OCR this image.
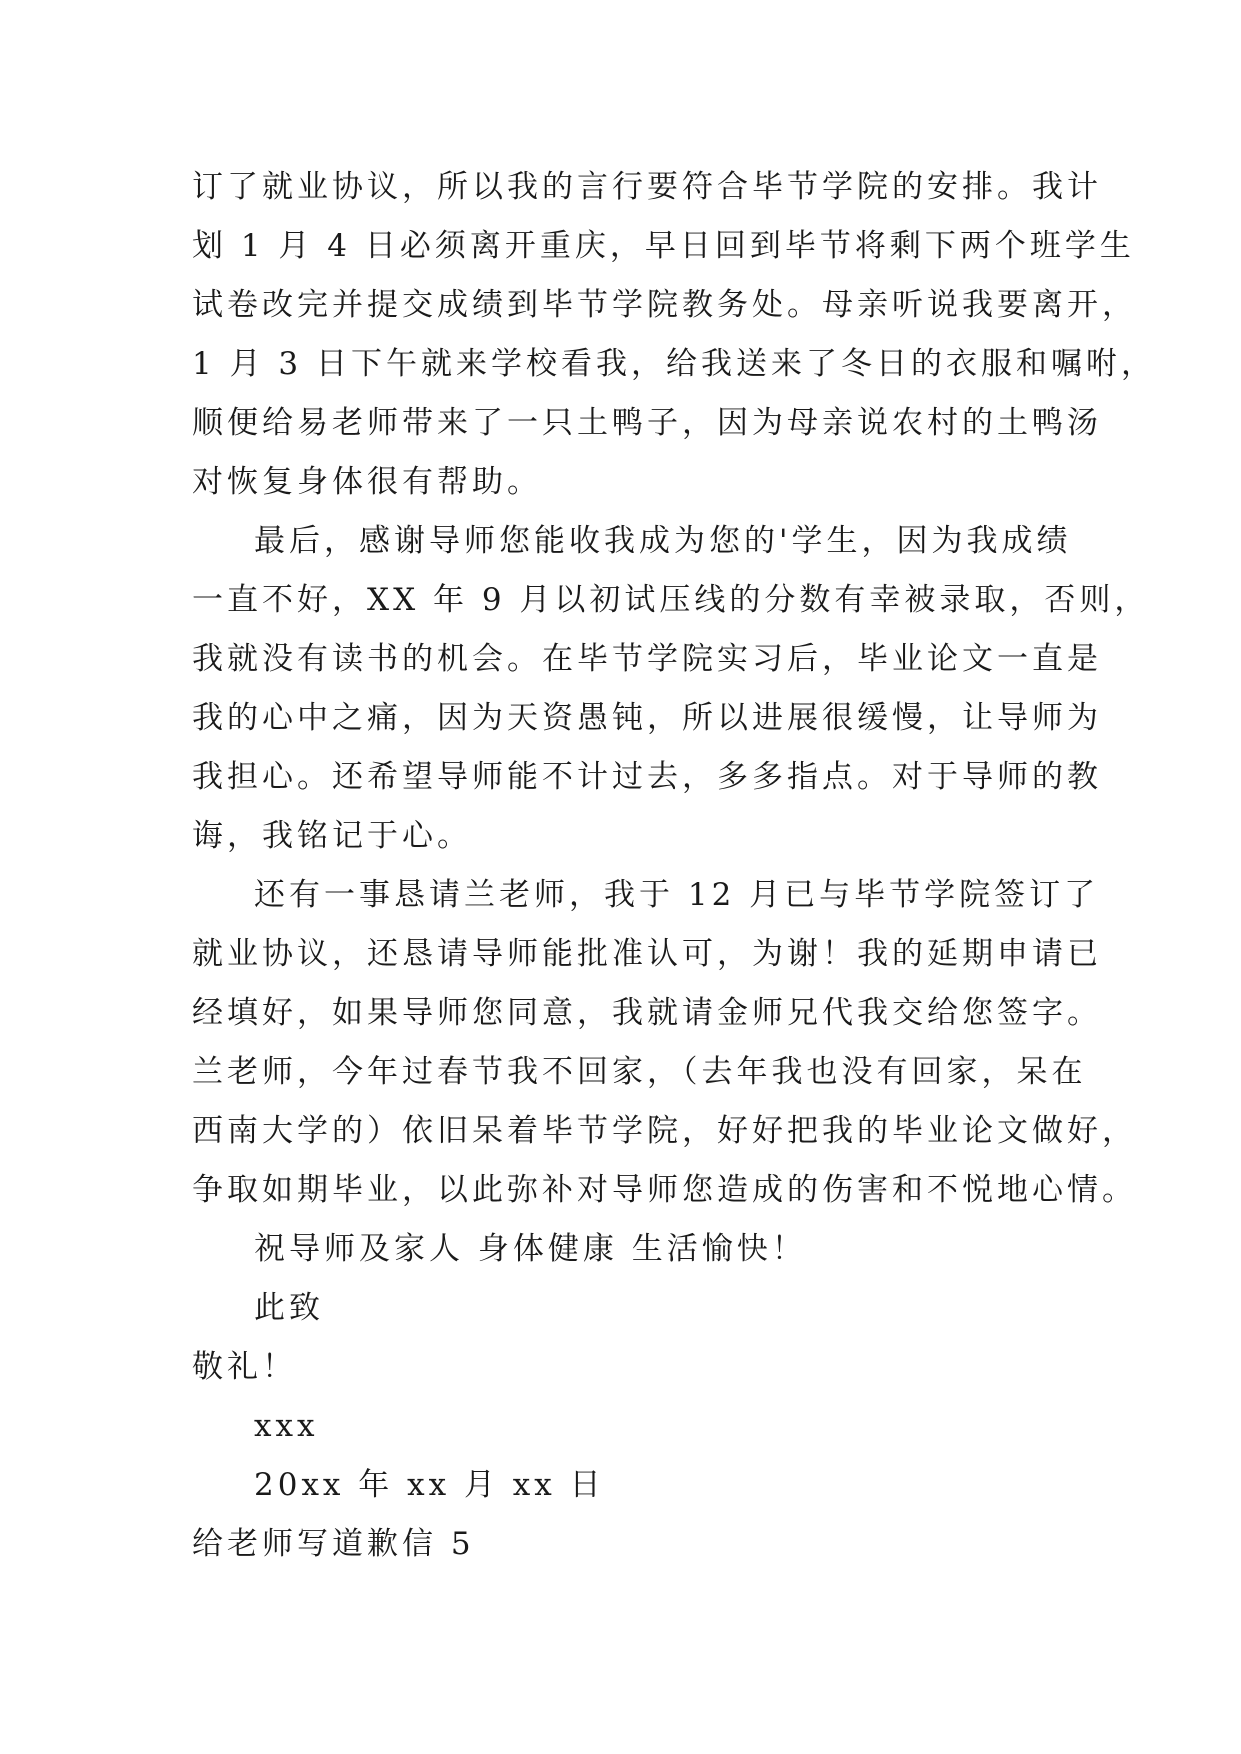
订了就业协议，所以我的言行要符合毕节学院的安排。我计
划 1 月 4 日必须离开重庆，早日回到毕节将剩下两个班学生
试卷改完并提交成绩到毕节学院教务处。母亲听说我要离开，
1 月 3 日下午就来学校看我，给我送来了冬日的衣服和嘱咐，
顺便给易老师带来了一只土鸭子，因为母亲说农村的土鸭汤
对恢复身体很有帮助。
最后，感谢导师您能收我成为您的'学生，因为我成绩
一直不好，XX 年 9 月以初试压线的分数有幸被录取，否则，
我就没有读书的机会。在毕节学院实习后，毕业论文一直是
我的心中之痛，因为天资愚钝，所以进展很缓慢，让导师为
我担心。还希望导师能不计过去，多多指点。对于导师的教
诲，我铭记于心。
还有一事恳请兰老师，我于 12 月已与毕节学院签订了
就业协议，还恳请导师能批准认可，为谢！我的延期申请已
经填好，如果导师您同意，我就请金师兄代我交给您签字。
兰老师，今年过春节我不回家，（去年我也没有回家，呆在
西南大学的）依旧呆着毕节学院，好好把我的毕业论文做好，
争取如期毕业，以此弥补对导师您造成的伤害和不悦地心情。
祝导师及家人 身体健康 生活愉快！
此致
敬礼！
xxx
20xx 年 xx 月 xx 日
给老师写道歉信 5
